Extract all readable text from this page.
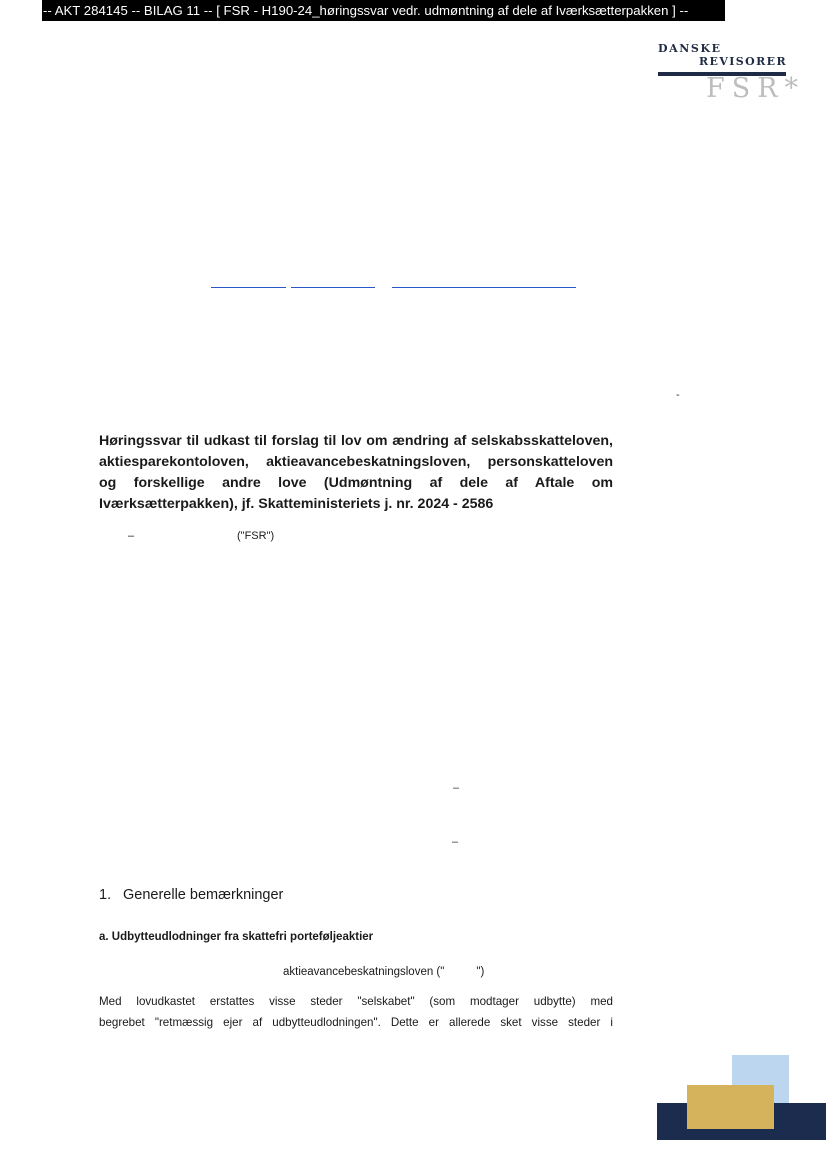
-- AKT 284145 -- BILAG 11 -- [ FSR - H190-24_høringssvar vedr. udmøntning af dele af Iværksætterpakken ] --
DANSKE
REVISORER
FSR*
-
Høringssvar til udkast til forslag til lov om ændring af selskabsskatteloven,
aktiesparekontoloven, aktieavancebeskatningsloven, personskatteloven
og forskellige andre love (Udmøntning af dele af Aftale om
Iværksætterpakken), jf. Skatteministeriets j. nr. 2024 - 2586
–	("FSR")
–
–
1. Generelle bemærkninger
a. Udbytteudlodninger fra skattefri porteføljeaktier
aktieavancebeskatningsloven ("	")
Med lovudkastet erstattes visse steder "selskabet" (som modtager udbytte) med
begrebet "retmæssig ejer af udbytteudlodningen". Dette er allerede sket visse steder i
